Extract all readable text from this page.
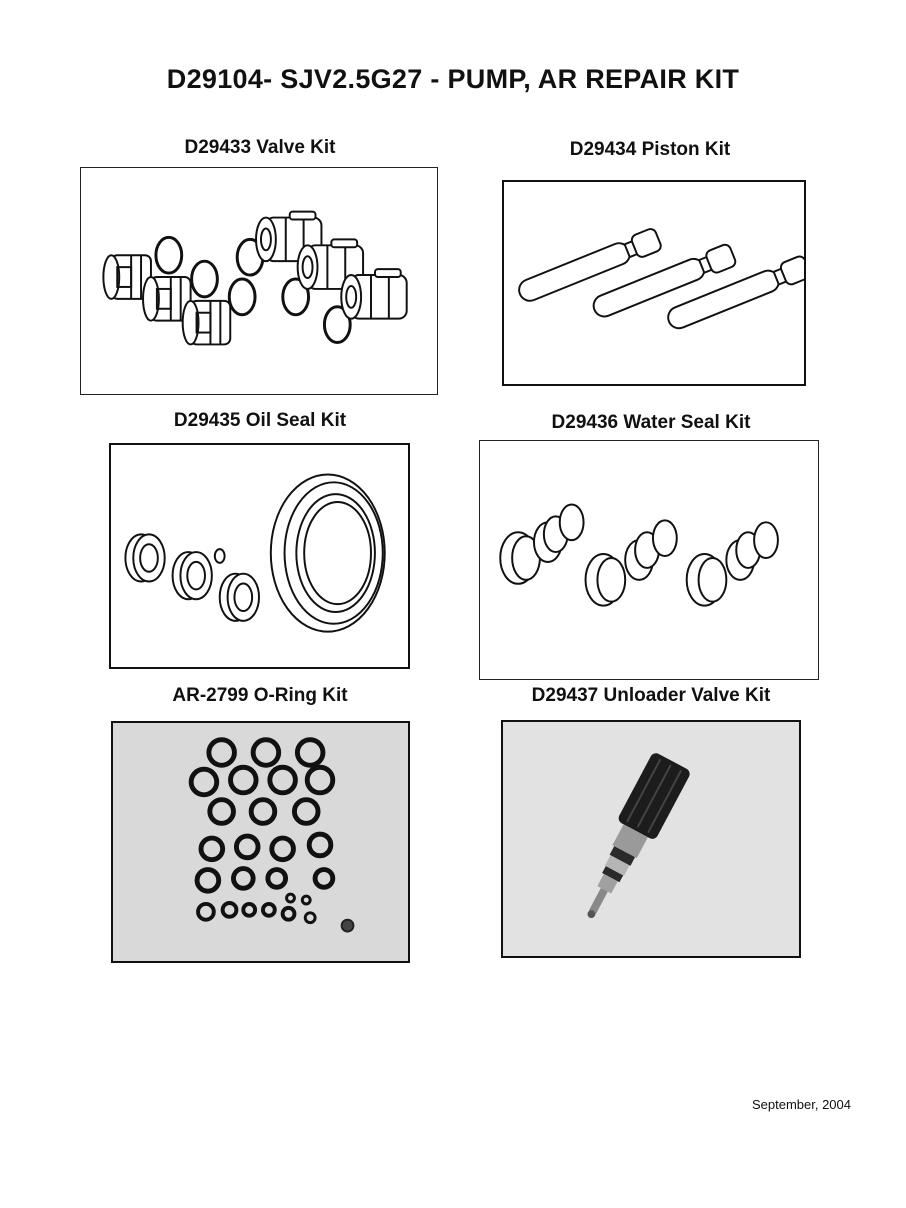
D29104- SJV2.5G27 - PUMP, AR REPAIR KIT
D29433 Valve Kit	D29434 Piston Kit
D29435 Oil Seal Kit	D29436 Water Seal Kit
AR-2799 O-Ring Kit	D29437 Unloader Valve Kit
September, 2004
